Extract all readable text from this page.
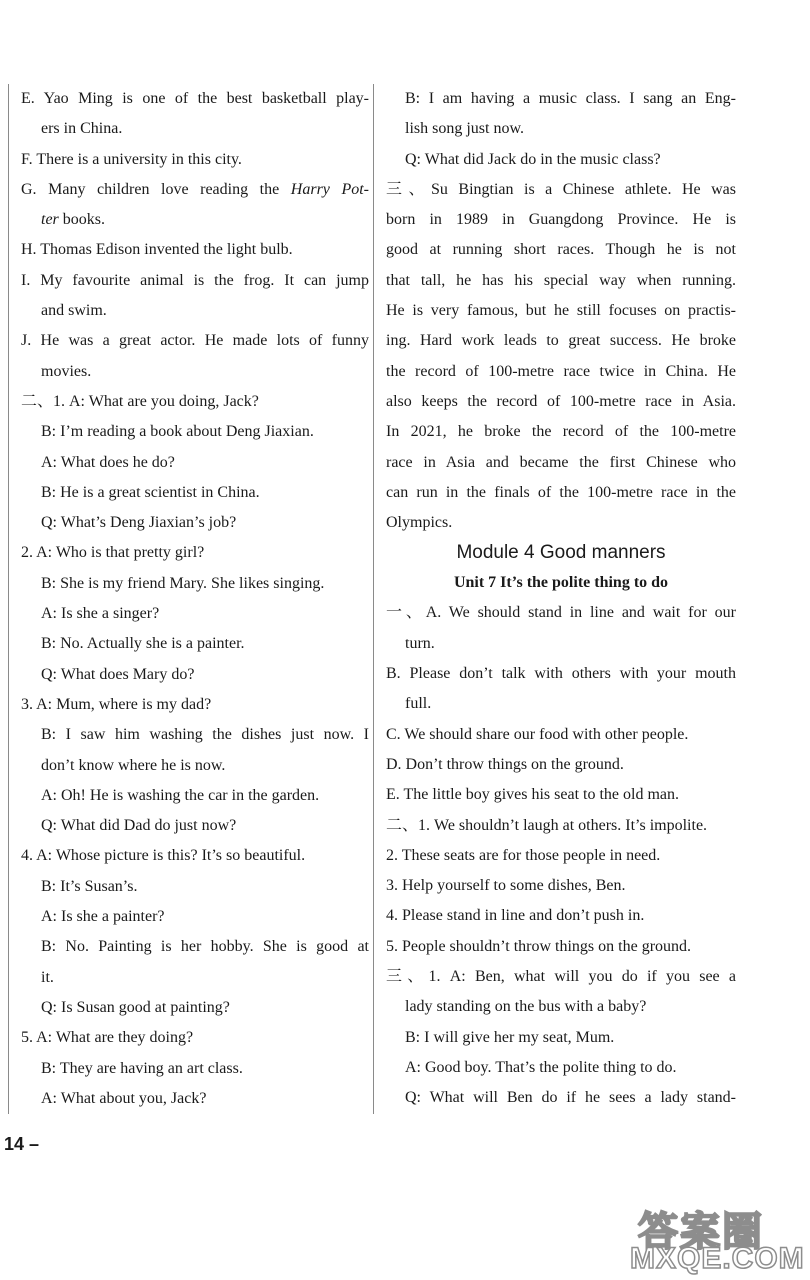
E. Yao Ming is one of the best basketball play-
ers in China.
F. There is a university in this city.
G. Many children love reading the Harry Pot-
ter books.
H. Thomas Edison invented the light bulb.
I. My favourite animal is the frog. It can jump
and swim.
J. He was a great actor. He made lots of funny
movies.
二、1. A: What are you doing, Jack?
B: I’m reading a book about Deng Jiaxian.
A: What does he do?
B: He is a great scientist in China.
Q: What’s Deng Jiaxian’s job?
2. A: Who is that pretty girl?
B: She is my friend Mary. She likes singing.
A: Is she a singer?
B: No. Actually she is a painter.
Q: What does Mary do?
3. A: Mum, where is my dad?
B: I saw him washing the dishes just now. I
don’t know where he is now.
A: Oh! He is washing the car in the garden.
Q: What did Dad do just now?
4. A: Whose picture is this? It’s so beautiful.
B: It’s Susan’s.
A: Is she a painter?
B: No. Painting is her hobby. She is good at
it.
Q: Is Susan good at painting?
5. A: What are they doing?
B: They are having an art class.
A: What about you, Jack?
B: I am having a music class. I sang an Eng-
lish song just now.
Q: What did Jack do in the music class?
三、Su Bingtian is a Chinese athlete. He was
born in 1989 in Guangdong Province. He is
good at running short races. Though he is not
that tall, he has his special way when running.
He is very famous, but he still focuses on practis-
ing. Hard work leads to great success. He broke
the record of 100-metre race twice in China. He
also keeps the record of 100-metre race in Asia.
In 2021, he broke the record of the 100-metre
race in Asia and became the first Chinese who
can run in the finals of the 100-metre race in the
Olympics.
Module 4 Good manners
Unit 7 It’s the polite thing to do
一、A. We should stand in line and wait for our
turn.
B. Please don’t talk with others with your mouth
full.
C. We should share our food with other people.
D. Don’t throw things on the ground.
E. The little boy gives his seat to the old man.
二、1. We shouldn’t laugh at others. It’s impolite.
2. These seats are for those people in need.
3. Help yourself to some dishes, Ben.
4. Please stand in line and don’t push in.
5. People shouldn’t throw things on the ground.
三、1. A: Ben, what will you do if you see a
lady standing on the bus with a baby?
B: I will give her my seat, Mum.
A: Good boy. That’s the polite thing to do.
Q: What will Ben do if he sees a lady stand-
14 –
答案圈
MXQE.COM
